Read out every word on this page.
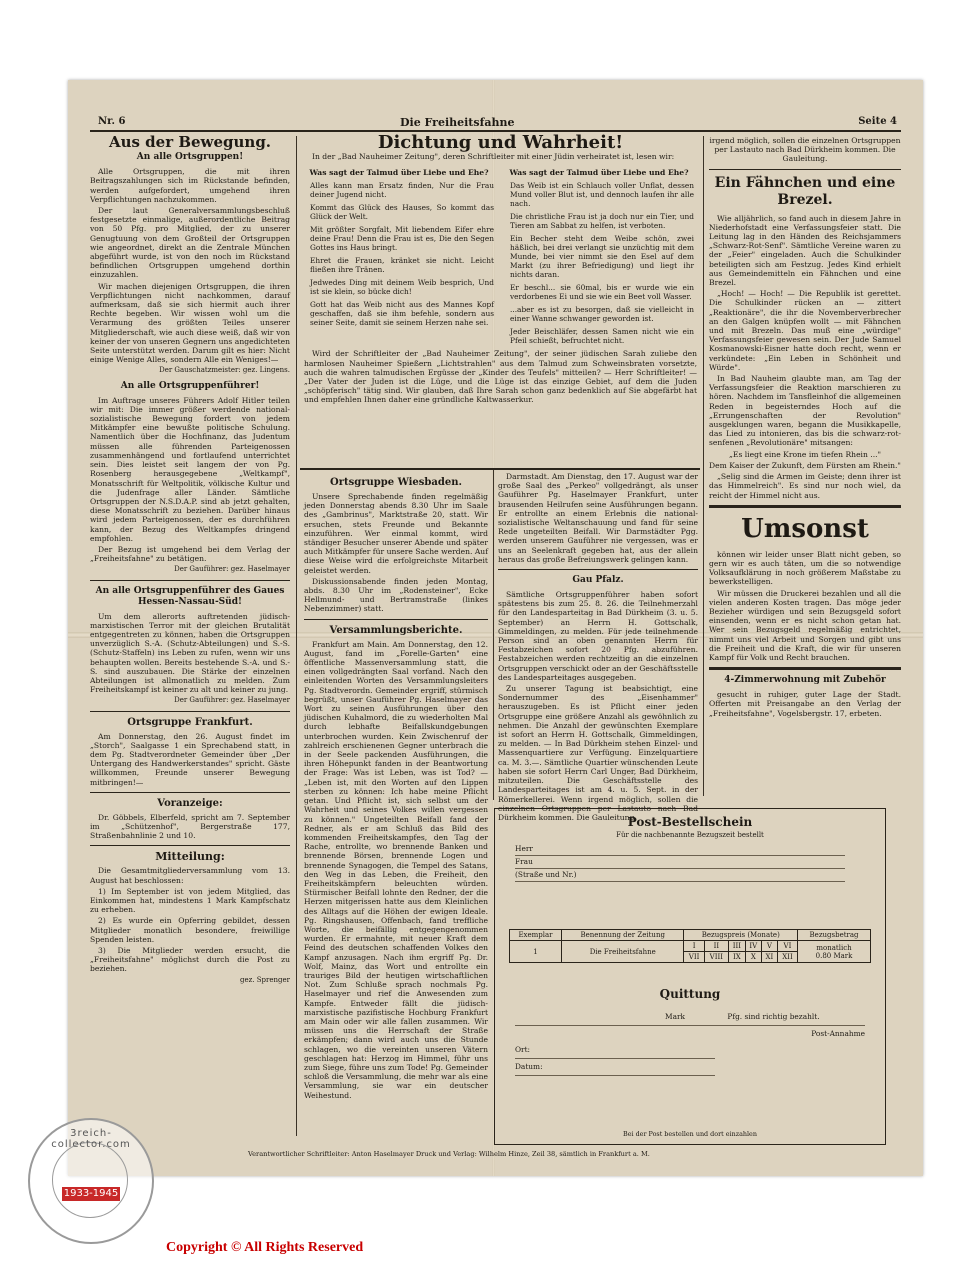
Nr. 6	Die Freiheitsfahne	Seite 4
Aus der Bewegung.
An alle Ortsgruppen!

Alle Ortsgruppen, die mit ihren Beitragszahlungen sich im Rückstande befinden, werden aufgefordert, umgehend ihren Verpflichtungen nachzukommen.

Der laut Generalversammlungsbeschluß festgesetzte einmalige, außerordentliche Beitrag von 50 Pfg. pro Mitglied, der zu unserer Genugtuung von dem Großteil der Ortsgruppen wie angeordnet, direkt an die Zentrale München abgeführt wurde, ist von den noch im Rückstand befindlichen Ortsgruppen umgehend dorthin einzuzahlen.

Wir machen diejenigen Ortsgruppen, die ihren Verpflichtungen nicht nachkommen, darauf aufmerksam, daß sie sich hiermit auch ihrer Rechte begeben. Wir wissen wohl um die Verarmung des größten Teiles unserer Mitgliederschaft, wie auch diese weiß, daß wir von keiner der von unseren Gegnern uns angedichteten Seite unterstützt werden. Darum gilt es hier: Nicht einige Wenige Alles, sondern Alle ein Weniges!—

Der Gauschatzmeister: gez. Lingens.
An alle Ortsgruppenführer!

Im Auftrage unseres Führers Adolf Hitler teilen wir mit: Die immer größer werdende national-sozialistische Bewegung fordert von jedem Mitkämpfer eine bewußte politische Schulung. Namentlich über die Hochfinanz, das Judentum müssen alle führenden Parteigenossen zusammenhängend und fortlaufend unterrichtet sein. Dies leistet seit langem der von Pg. Rosenberg herausgegebene „Weltkampf", Monatsschrift für Weltpolitik, völkische Kultur und die Judenfrage aller Länder. Sämtliche Ortsgruppen der N.S.D.A.P. sind ab jetzt gehalten, diese Monatsschrift zu beziehen. Darüber hinaus wird jedem Parteigenossen, der es durchführen kann, der Bezug des Weltkampfes dringend empfohlen.

Der Bezug ist umgehend bei dem Verlag der „Freiheitsfahne" zu betätigen.

Der Gauführer: gez. Haselmayer
An alle Ortsgruppenführer des Gaues Hessen-Nassau-Süd!

Um dem allerorts auftretenden jüdisch-marxistischen Terror mit der gleichen Brutalität entgegentreten zu können, haben die Ortsgruppen unverzüglich S.-A. (Schutz-Abteilungen) und S.-S. (Schutz-Staffeln) ins Leben zu rufen, wenn wir uns behaupten wollen. Bereits bestehende S.-A. und S.-S. sind auszubauen. Die Stärke der einzelnen Abteilungen ist allmonatlich zu melden. Zum Freiheitskampf ist keiner zu alt und keiner zu jung.

Der Gauführer: gez. Haselmayer
Ortsgruppe Frankfurt.

Am Donnerstag, den 26. August findet im „Storch", Saalgasse 1 ein Sprechabend statt, in dem Pg. Stadtverordneter Gemeinder über „Der Untergang des Handwerkerstandes" spricht. Gäste willkommen, Freunde unserer Bewegung mitbringen!—

Voranzeige:

Dr. Göbbels, Elberfeld, spricht am 7. September im „Schützenhof", Bergerstraße 177, Straßenbahnlinie 2 und 10.

Mitteilung:

Die Gesamtmitgliederversammlung vom 13. August hat beschlossen:

1) Im September ist von jedem Mitglied, das Einkommen hat, mindestens 1 Mark Kampfschatz zu erheben.

2) Es wurde ein Opferring gebildet, dessen Mitglieder monatlich besondere, freiwillige Spenden leisten.

3) Die Mitglieder werden ersucht, die „Freiheitsfahne" möglichst durch die Post zu beziehen.

gez. Sprenger
Dichtung und Wahrheit!

In der „Bad Nauheimer Zeitung", deren Schriftleiter mit einer Jüdin verheiratet ist, lesen wir:

Was sagt der Talmud über Liebe und Ehe?
Alles kann man Ersatz finden, Nur die Frau deiner Jugend nicht.
Kommt das Glück des Hauses, So kommt das Glück der Welt.
Mit größter Sorgfalt, Mit liebendem Eifer ehre deine Frau! Denn die Frau ist es, Die den Segen Gottes ins Haus bringt.
Ehret die Frauen, kränket sie nicht. Leicht fließen ihre Tränen.
Jedwedes Ding mit deinem Weib besprich, Und ist sie klein, so bücke dich!
Gott hat das Weib nicht aus des Mannes Kopf geschaffen, daß sie ihm befehle, sondern aus seiner Seite, damit sie seinem Herzen nahe sei.
Was sagt der Talmud über Liebe und Ehe?
Das Weib ist ein Schlauch voller Unflat, dessen Mund voller Blut ist, und dennoch laufen ihr alle nach.
Die christliche Frau ist ja doch nur ein Tier, und Tieren am Sabbat zu helfen, ist verboten.
Ein Becher steht dem Weibe schön, zwei häßlich, bei drei verlangt sie unzüchtig mit dem Munde, bei vier nimmt sie den Esel auf dem Markt (zu ihrer Befriedigung) und liegt ihr nichts daran.
Er beschl... sie 60mal, bis er wurde wie ein verdorbenes Ei und sie wie ein Beet voll Wasser.
...aber es ist zu besorgen, daß sie vielleicht in einer Wanne schwanger geworden ist.
Jeder Beischläfer, dessen Samen nicht wie ein Pfeil schießt, befruchtet nicht.

Wird der Schriftleiter der „Bad Nauheimer Zeitung", der seiner jüdischen Sarah zuliebe den harmlosen Nauheimer Spießern „Lichtstrahlen" aus dem Talmud zum Schweinsbraten vorsetzte, auch die wahren talmudischen Ergüsse der „Kinder des Teufels" mitteilen? — Herr Schriftleiter! — „Der Vater der Juden ist die Lüge, und die Lüge ist das einzige Gebiet, auf dem die Juden „schöpferisch" tätig sind. Wir glauben, daß Ihre Sarah schon ganz bedenklich auf Sie abgefärbt hat und empfehlen Ihnen daher eine gründliche Kaltwasserkur.

Ortsgruppe Wiesbaden.

Unsere Sprechabende finden regelmäßig jeden Donnerstag abends 8.30 Uhr im Saale des „Gambrinus", Marktstraße 20, statt. Wir ersuchen, stets Freunde und Bekannte einzuführen. Wer einmal kommt, wird ständiger Besucher unserer Abende und später auch Mitkämpfer für unsere Sache werden. Auf diese Weise wird die erfolgreichste Mitarbeit geleistet werden.

Diskussionsabende finden jeden Montag, abds. 8.30 Uhr im „Rodensteiner", Ecke Hellmund- und Bertramstraße (linkes Nebenzimmer) statt.

Versammlungsberichte.

Frankfurt am Main. Am Donnerstag, den 12. August, fand im „Forelle-Garten" eine öffentliche Massenversammlung statt, die einen vollgedrängten Saal vorfand. Nach den einleitenden Worten des Versammlungsleiters Pg. Stadtverordn. Gemeinder ergriff, stürmisch begrüßt, unser Gauführer Pg. Haselmayer das Wort zu seinen Ausführungen über den jüdischen Kuhalmord, die zu wiederholten Mal durch lebhafte Beifallskundgebungen unterbrochen wurden. Kein Zwischenruf der zahlreich erschienenen Gegner unterbrach die in der Seele packenden Ausführungen, die ihren Höhepunkt fanden in der Beantwortung der Frage: Was ist Leben, was ist Tod? — „Leben ist, mit den Worten auf den Lippen sterben zu können: Ich habe meine Pflicht getan. Und Pflicht ist, sich selbst um der Wahrheit und seines Volkes willen vergessen zu können." Ungeteilten Beifall fand der Redner, als er am Schluß das Bild des kommenden Freiheitskampfes, den Tag der Rache, entrollte, wo brennende Banken und brennende Börsen, brennende Logen und brennende Synagogen, die Tempel des Satans, den Weg in das Leben, die Freiheit, den Freiheitskämpfern beleuchten würden. Stürmischer Beifall lohnte den Redner, der die Herzen mitgerissen hatte aus dem Kleinlichen des Alltags auf die Höhen der ewigen Ideale. Pg. Ringshausen, Offenbach, fand treffliche Worte, die beifällig entgegengenommen wurden. Er ermahnte, mit neuer Kraft dem Feind des deutschen schaffenden Volkes den Kampf anzusagen. Nach ihm ergriff Pg. Dr. Wolf, Mainz, das Wort und entrollte ein trauriges Bild der heutigen wirtschaftlichen Not. Zum Schluße sprach nochmals Pg. Haselmayer und rief die Anwesenden zum Kampfe. Entweder fällt die jüdisch-marxistische pazifistische Hochburg Frankfurt am Main oder wir alle fallen zusammen. Wir müssen uns die Herrschaft der Straße erkämpfen; dann wird auch uns die Stunde schlagen, wo die vereinten unseren Vätern geschlagen hat: Herzog im Himmel, führ uns zum Siege, führe uns zum Tode! Pg. Gemeinder schloß die Versammlung, die mehr war als eine Versammlung, sie war ein deutscher Weihestund.

Darmstadt. Am Dienstag, den 17. August war der große Saal des „Perkeo" vollgedrängt, als unser Gauführer Pg. Haselmayer Frankfurt, unter brausenden Heilrufen seine Ausführungen begann. Er entrollte an einem Erlebnis die national-sozialistische Weltanschauung und fand für seine Rede ungeteilten Beifall. Wir Darmstädter Pgg. werden unserem Gauführer nie vergessen, was er uns an Seelenkraft gegeben hat, aus der allein heraus das große Befreiungswerk gelingen kann.

Gau Pfalz.

Sämtliche Ortsgruppenführer haben sofort spätestens bis zum 25. 8. 26. die Teilnehmerzahl für den Landesparteitag in Bad Dürkheim (3. u. 5. September) an Herrn H. Gottschalk, Gimmeldingen, zu melden. Für jede teilnehmende Person sind an oben genannten Herrn für Festabzeichen sofort 20 Pfg. abzuführen. Festabzeichen werden rechtzeitig an die einzelnen Ortsgruppen verschickt oder an der Geschäftsstelle des Landesparteitages ausgegeben.

Zu unserer Tagung ist beabsichtigt, eine Sondernummer des „Eisenhammer" herauszugeben. Es ist Pflicht einer jeden Ortsgruppe eine größere Anzahl als gewöhnlich zu nehmen. Die Anzahl der gewünschten Exemplare ist sofort an Herrn H. Gottschalk, Gimmeldingen, zu melden. — In Bad Dürkheim stehen Einzel- und Massenquartiere zur Verfügung. Einzelquartiere ca. M. 3.—. Sämtliche Quartier wünschenden Leute haben sie sofort Herrn Carl Unger, Bad Dürkheim, mitzuteilen. Die Geschäftsstelle des Landesparteitages ist am 4. u. 5. Sept. in der Römerkellerei. Wenn irgend möglich, sollen die einzelnen Ortsgruppen per Lastauto nach Bad Dürkheim kommen. Die Gauleitung.

irgend möglich, sollen die einzelnen Ortsgruppen per Lastauto nach Bad Dürkheim kommen. Die Gauleitung.

Ein Fähnchen und eine Brezel.

Wie alljährlich, so fand auch in diesem Jahre in Niederhofstadt eine Verfassungsfeier statt. Die Leitung lag in den Händen des Reichsjammers „Schwarz-Rot-Senf". Sämtliche Vereine waren zu der „Feier" eingeladen. Auch die Schulkinder beteiligten sich am Festzug. Jedes Kind erhielt aus Gemeindemitteln ein Fähnchen und eine Brezel.

„Hoch! — Hoch! — Die Republik ist gerettet. Die Schulkinder rücken an — zittert „Reaktionäre", die ihr die Novemberverbrecher an den Galgen knüpfen wollt — mit Fähnchen und mit Brezeln. Das muß eine „würdige" Verfassungsfeier gewesen sein. Der Jude Samuel Kosmanowski-Eisner hatte doch recht, wenn er verkündete: „Ein Leben in Schönheit und Würde".

In Bad Nauheim glaubte man, am Tag der Verfassungsfeier die Reaktion marschieren zu hören. Nachdem im Tansfleinhof die allgemeinen Reden in begeisterndes Hoch auf die „Errungenschaften der Revolution" ausgeklungen waren, begann die Musikkapelle, das Lied zu intonieren, das bis die schwarz-rot-senfenen „Revolutionäre" mitsangen:

„Es liegt eine Krone im tiefen Rhein ..."

Dem Kaiser der Zukunft, dem Fürsten am Rhein."

„Selig sind die Armen im Geiste; denn ihrer ist das Himmelreich". Es sind nur noch wiel, da reicht der Himmel nicht aus.

Umsonst

können wir leider unser Blatt nicht geben, so gern wir es auch täten, um die so notwendige Volksaufklärung in noch größerem Maßstabe zu bewerkstelligen.

Wir müssen die Druckerei bezahlen und all die vielen anderen Kosten tragen. Das möge jeder Bezieher würdigen und sein Bezugsgeld sofort einsenden, wenn er es nicht schon getan hat. Wer sein Bezugsgeld regelmäßig entrichtet, nimmt uns viel Arbeit und Sorgen und gibt uns die Freiheit und die Kraft, die wir für unseren Kampf für Volk und Recht brauchen.

4-Zimmerwohnung mit Zubehör

gesucht in ruhiger, guter Lage der Stadt. Offerten mit Preisangabe an den Verlag der „Freiheitsfahne", Vogelsbergstr. 17, erbeten.

Post-Bestellschein
Für die nachbenannte Bezugszeit bestellt
Herr
Frau
(Straße und Nr.)
Exemplar	Benennung der Zeitung	Bezugspreis (Monate)						Bezugsbetrag
1	Die Freiheitsfahne	I	II	III	IV	V	VI	monatlich
0.80 Mark
		VII	VIII	IX	X	XI	XII	
Quittung
Mark	Pfg. sind richtig bezahlt.
Post-Annahme
Ort:
Datum:
Bei der Post bestellen und dort einzahlen
Verantwortlicher Schriftleiter: Anton Haselmayer Druck und Verlag: Wilhelm Hinze, Zeil 38, sämtlich in Frankfurt a. M.
3reich-collector.com
1933-1945
Copyright © All Rights Reserved
